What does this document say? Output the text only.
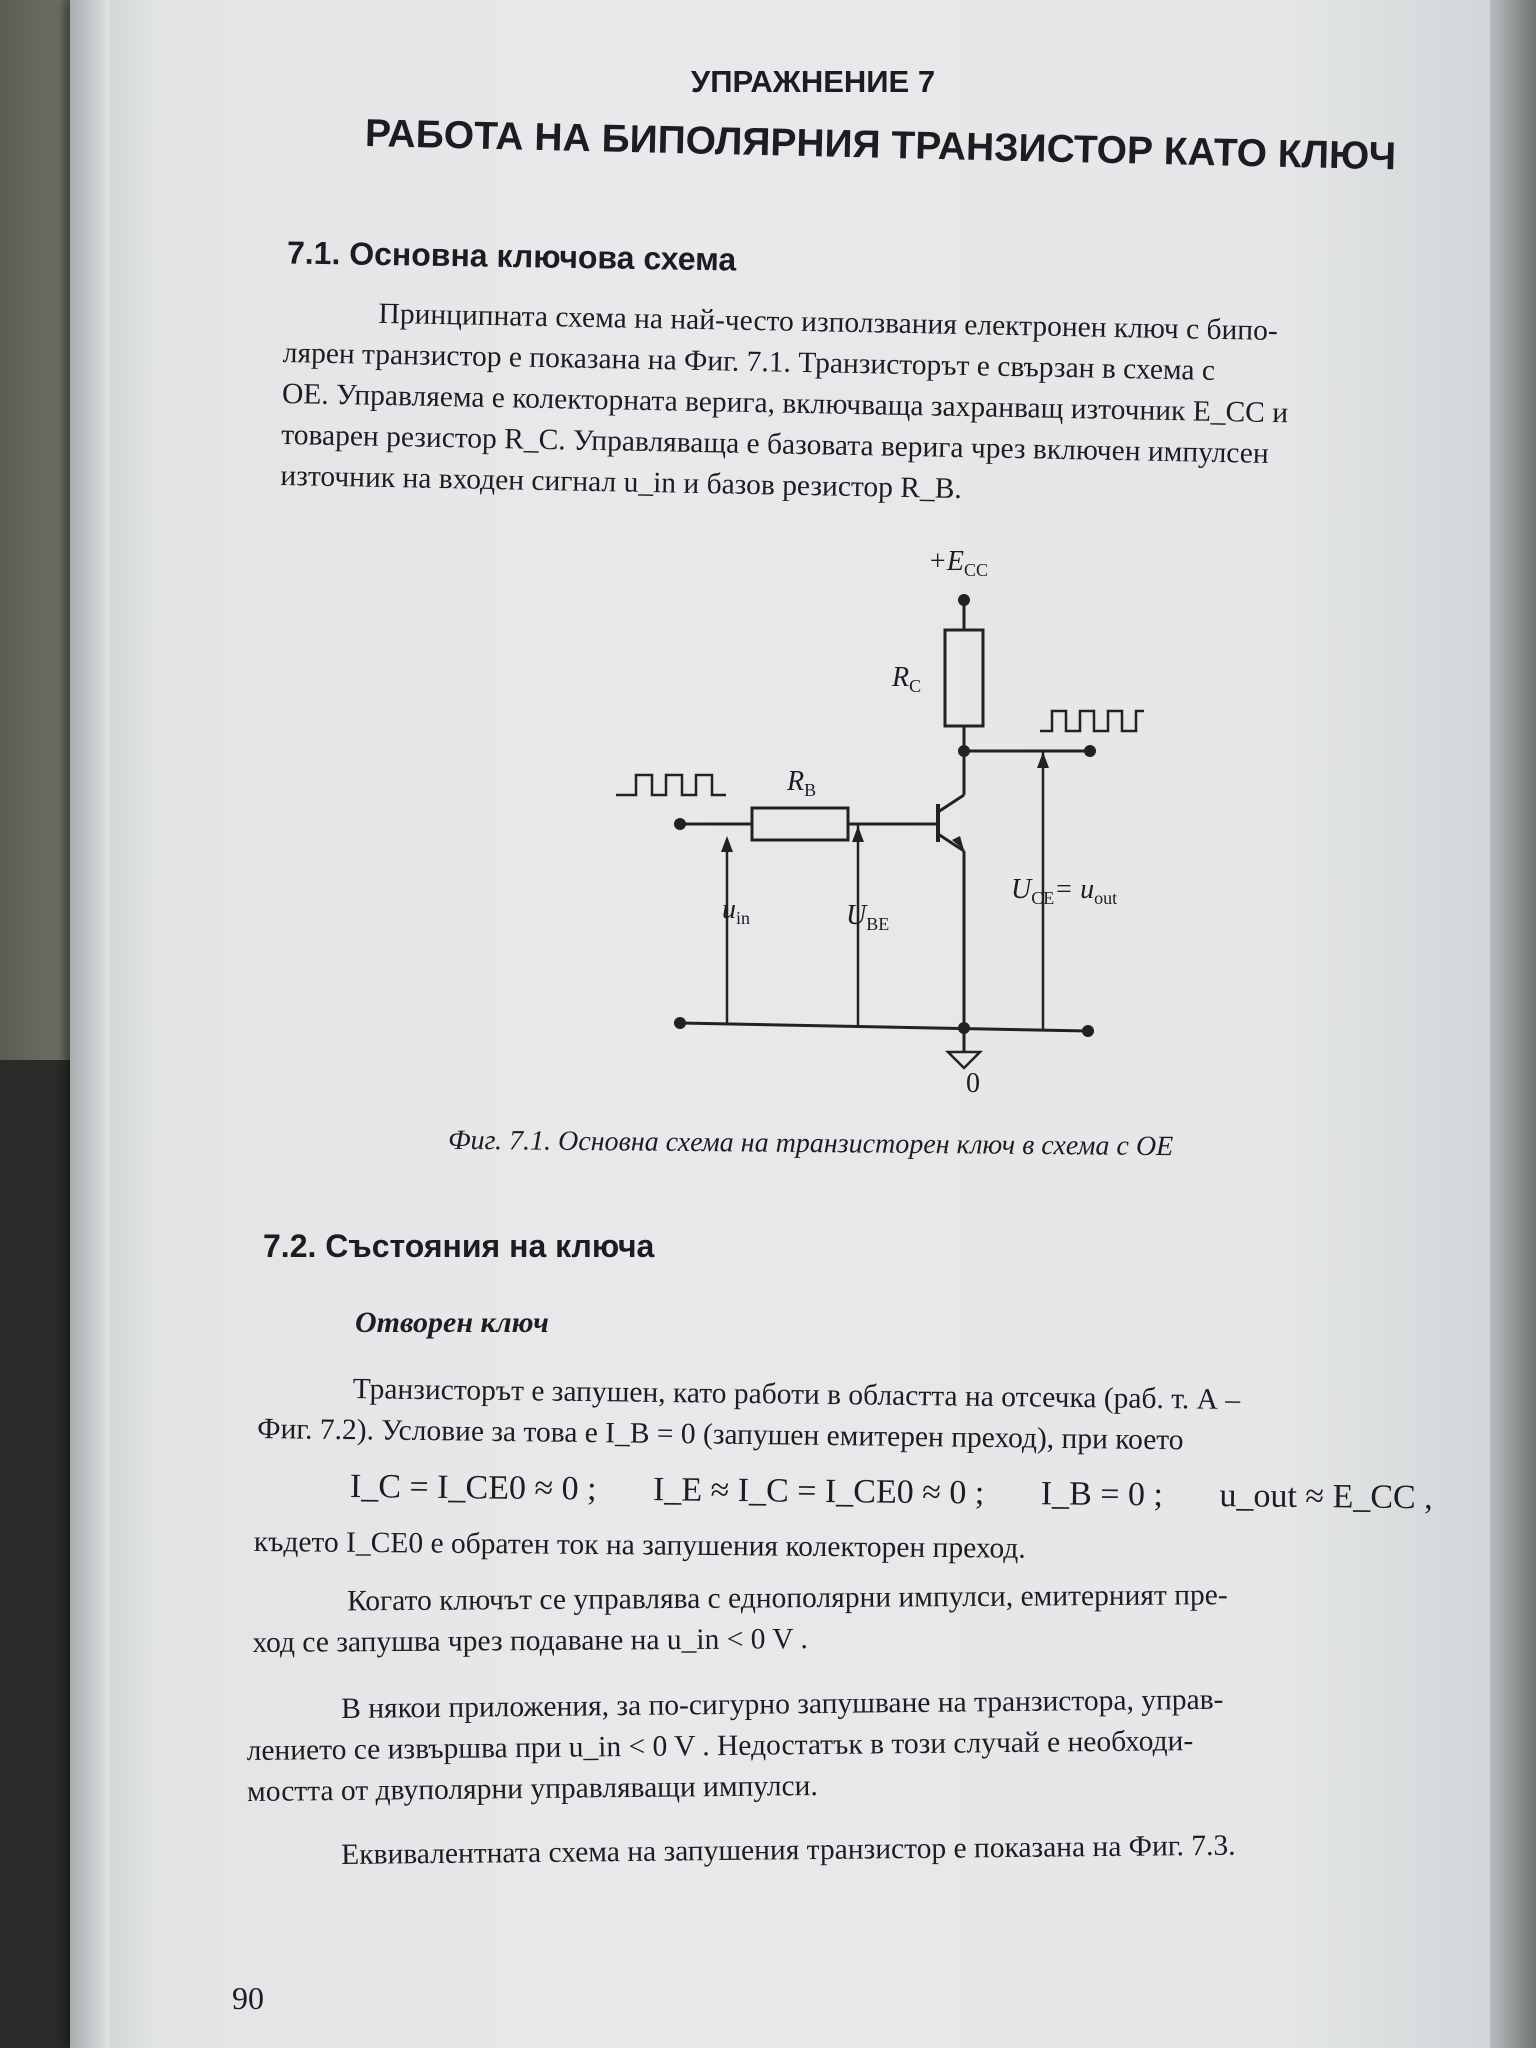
УПРАЖНЕНИЕ 7
РАБОТА НА БИПОЛЯРНИЯ ТРАНЗИСТОР КАТО КЛЮЧ
7.1. Основна ключова схема
Принципната схема на най-често използвания електронен ключ с бипо-
лярен транзистор е показана на Фиг. 7.1. Транзисторът е свързан в схема с
ОЕ. Управляема е колекторната верига, включваща захранващ източник E_CC и
товарен резистор R_C. Управляваща е базовата верига чрез включен импулсен
източник на входен сигнал u_in и базов резистор R_B.
$+E_{CC}$
$R_C$
$R_B$
$u_{in}$	$U_{BE}$
$U_{CE}= u_{out}$
0
Фиг. 7.1. Основна схема на транзисторен ключ в схема с ОЕ
7.2. Състояния на ключа
Отворен ключ
Транзисторът е запушен, като работи в областта на отсечка (раб. т. А –
Фиг. 7.2). Условие за това е I_B = 0 (запушен емитерен преход), при което
I_C = I_CE0 ≈ 0 ; I_E ≈ I_C = I_CE0 ≈ 0 ; I_B = 0 ; u_out ≈ E_CC ,
където I_CE0 е обратен ток на запушения колекторен преход.
Когато ключът се управлява с еднополярни импулси, емитерният пре-
ход се запушва чрез подаване на u_in < 0 V .
В някои приложения, за по-сигурно запушване на транзистора, управ-
лението се извършва при u_in < 0 V . Недостатък в този случай е необходи-
мостта от двуполярни управляващи импулси.
Еквивалентната схема на запушения транзистор е показана на Фиг. 7.3.
90
